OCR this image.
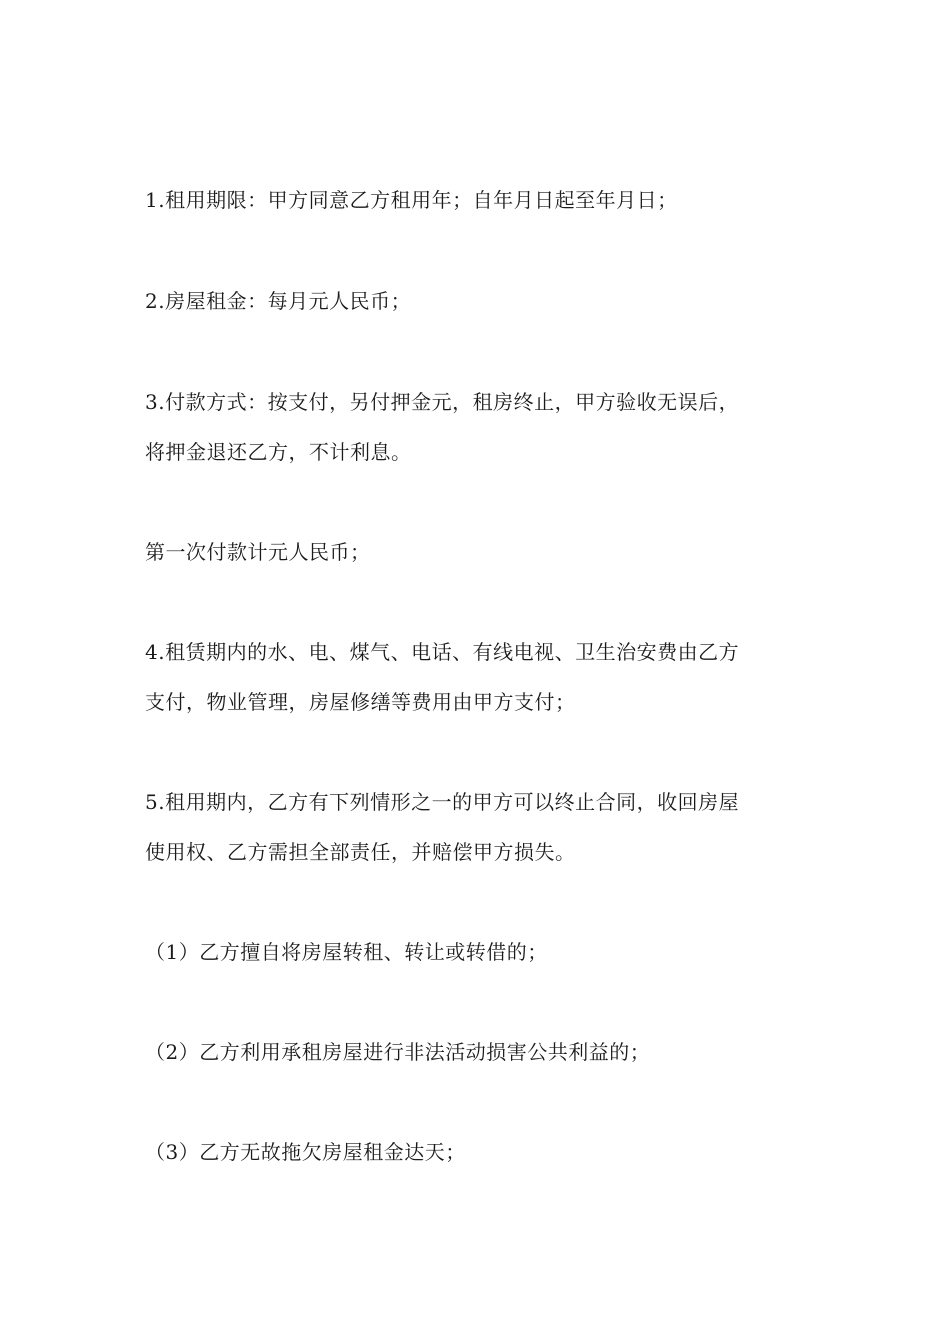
1.租用期限：甲方同意乙方租用年；自年月日起至年月日；
2.房屋租金：每月元人民币；
3.付款方式：按支付，另付押金元，租房终止，甲方验收无误后，
将押金退还乙方，不计利息。
第一次付款计元人民币；
4.租赁期内的水、电、煤气、电话、有线电视、卫生治安费由乙方
支付，物业管理，房屋修缮等费用由甲方支付；
5.租用期内，乙方有下列情形之一的甲方可以终止合同，收回房屋
使用权、乙方需担全部责任，并赔偿甲方损失。
（1）乙方擅自将房屋转租、转让或转借的；
（2）乙方利用承租房屋进行非法活动损害公共利益的；
（3）乙方无故拖欠房屋租金达天；
